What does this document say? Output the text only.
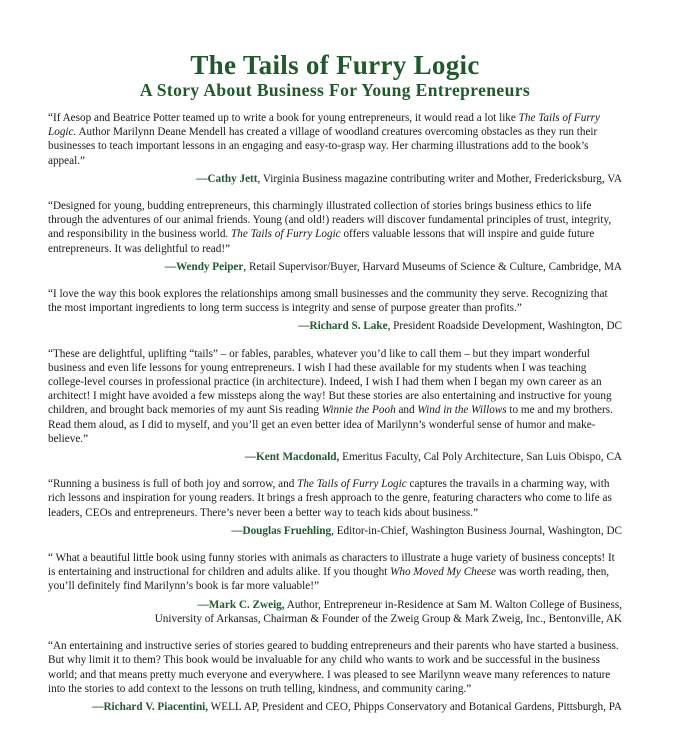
The Tails of Furry Logic
A Story About Business For Young Entrepreneurs

“If Aesop and Beatrice Potter teamed up to write a book for young entrepreneurs, it would read a lot like The Tails of Furry Logic. Author Marilynn Deane Mendell has created a village of woodland creatures overcoming obstacles as they run their businesses to teach important lessons in an engaging and easy-to-grasp way. Her charming illustrations add to the book’s appeal.”

—Cathy Jett, Virginia Business magazine contributing writer and Mother, Fredericksburg, VA

“Designed for young, budding entrepreneurs, this charmingly illustrated collection of stories brings business ethics to life through the adventures of our animal friends. Young (and old!) readers will discover fundamental principles of trust, integrity, and responsibility in the business world. The Tails of Furry Logic offers valuable lessons that will inspire and guide future entrepreneurs. It was delightful to read!”

—Wendy Peiper, Retail Supervisor/Buyer, Harvard Museums of Science & Culture, Cambridge, MA

“I love the way this book explores the relationships among small businesses and the community they serve. Recognizing that the most important ingredients to long term success is integrity and sense of purpose greater than profits.”

—Richard S. Lake, President Roadside Development, Washington, DC

“These are delightful, uplifting “tails” – or fables, parables, whatever you’d like to call them – but they impart wonderful business and even life lessons for young entrepreneurs. I wish I had these available for my students when I was teaching college-level courses in professional practice (in architecture). Indeed, I wish I had them when I began my own career as an architect! I might have avoided a few missteps along the way! But these stories are also entertaining and instructive for young children, and brought back memories of my aunt Sis reading Winnie the Pooh and Wind in the Willows to me and my brothers. Read them aloud, as I did to myself, and you’ll get an even better idea of Marilynn’s wonderful sense of humor and make-believe.”

—Kent Macdonald, Emeritus Faculty, Cal Poly Architecture, San Luis Obispo, CA

“Running a business is full of both joy and sorrow, and The Tails of Furry Logic captures the travails in a charming way, with rich lessons and inspiration for young readers. It brings a fresh approach to the genre, featuring characters who come to life as leaders, CEOs and entrepreneurs. There’s never been a better way to teach kids about business.”

—Douglas Fruehling, Editor-in-Chief, Washington Business Journal, Washington, DC

“ What a beautiful little book using funny stories with animals as characters to illustrate a huge variety of business concepts! It is entertaining and instructional for children and adults alike. If you thought Who Moved My Cheese was worth reading, then, you’ll definitely find Marilynn’s book is far more valuable!”

—Mark C. Zweig, Author, Entrepreneur in-Residence at Sam M. Walton College of Business,
University of Arkansas, Chairman & Founder of the Zweig Group & Mark Zweig, Inc., Bentonville, AK

“An entertaining and instructive series of stories geared to budding entrepreneurs and their parents who have started a business. But why limit it to them? This book would be invaluable for any child who wants to work and be successful in the business world; and that means pretty much everyone and everywhere. I was pleased to see Marilynn weave many references to nature into the stories to add context to the lessons on truth telling, kindness, and community caring.”

—Richard V. Piacentini, WELL AP, President and CEO, Phipps Conservatory and Botanical Gardens, Pittsburgh, PA
